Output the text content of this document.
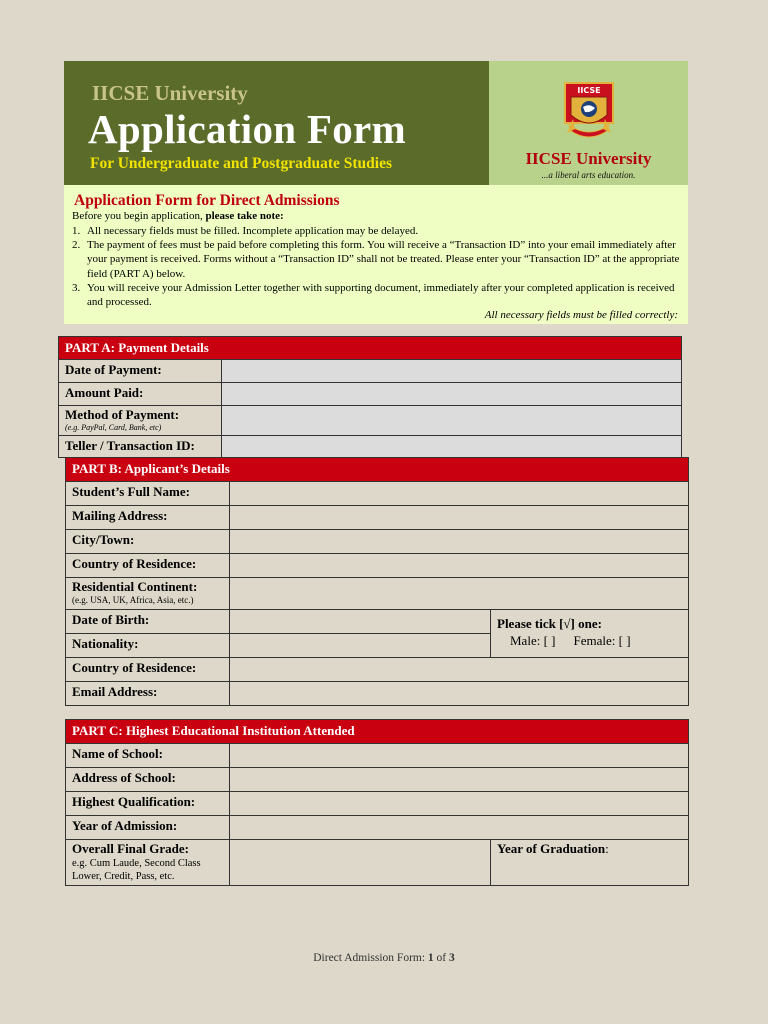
IICSE University
Application Form
For Undergraduate and Postgraduate Studies
IICSE
IICSE University
...a liberal arts education.
Application Form for Direct Admissions
Before you begin application, please take note:
1. All necessary fields must be filled. Incomplete application may be delayed.
2. The payment of fees must be paid before completing this form. You will receive a “Transaction ID” into your email immediately after your payment is received. Forms without a “Transaction ID” shall not be treated. Please enter your “Transaction ID” at the appropriate field (PART A) below.
3. You will receive your Admission Letter together with supporting document, immediately after your completed application is received and processed.
All necessary fields must be filled correctly:
PART A: Payment Details	
Date of Payment:	
Amount Paid:	
Method of Payment:
(e.g. PayPal, Card, Bank, etc)	

Teller / Transaction ID:	
PART B: Applicant’s Details		
Student’s Full Name:		
Mailing Address:		
City/Town:		
Country of Residence:		
Residential Continent:
(e.g. USA, UK, Africa, Asia, etc.)		

Date of Birth:		Please tick [√] one:
Male: [ ] Female: [ ]

Nationality:		
Country of Residence:		
Email Address:		
PART C: Highest Educational Institution Attended		
Name of School:		
Address of School:		
Highest Qualification:		
Year of Admission:		
Overall Final Grade:
e.g. Cum Laude, Second Class Lower, Credit, Pass, etc.		Year of Graduation:
Direct Admission Form: 1 of 3
